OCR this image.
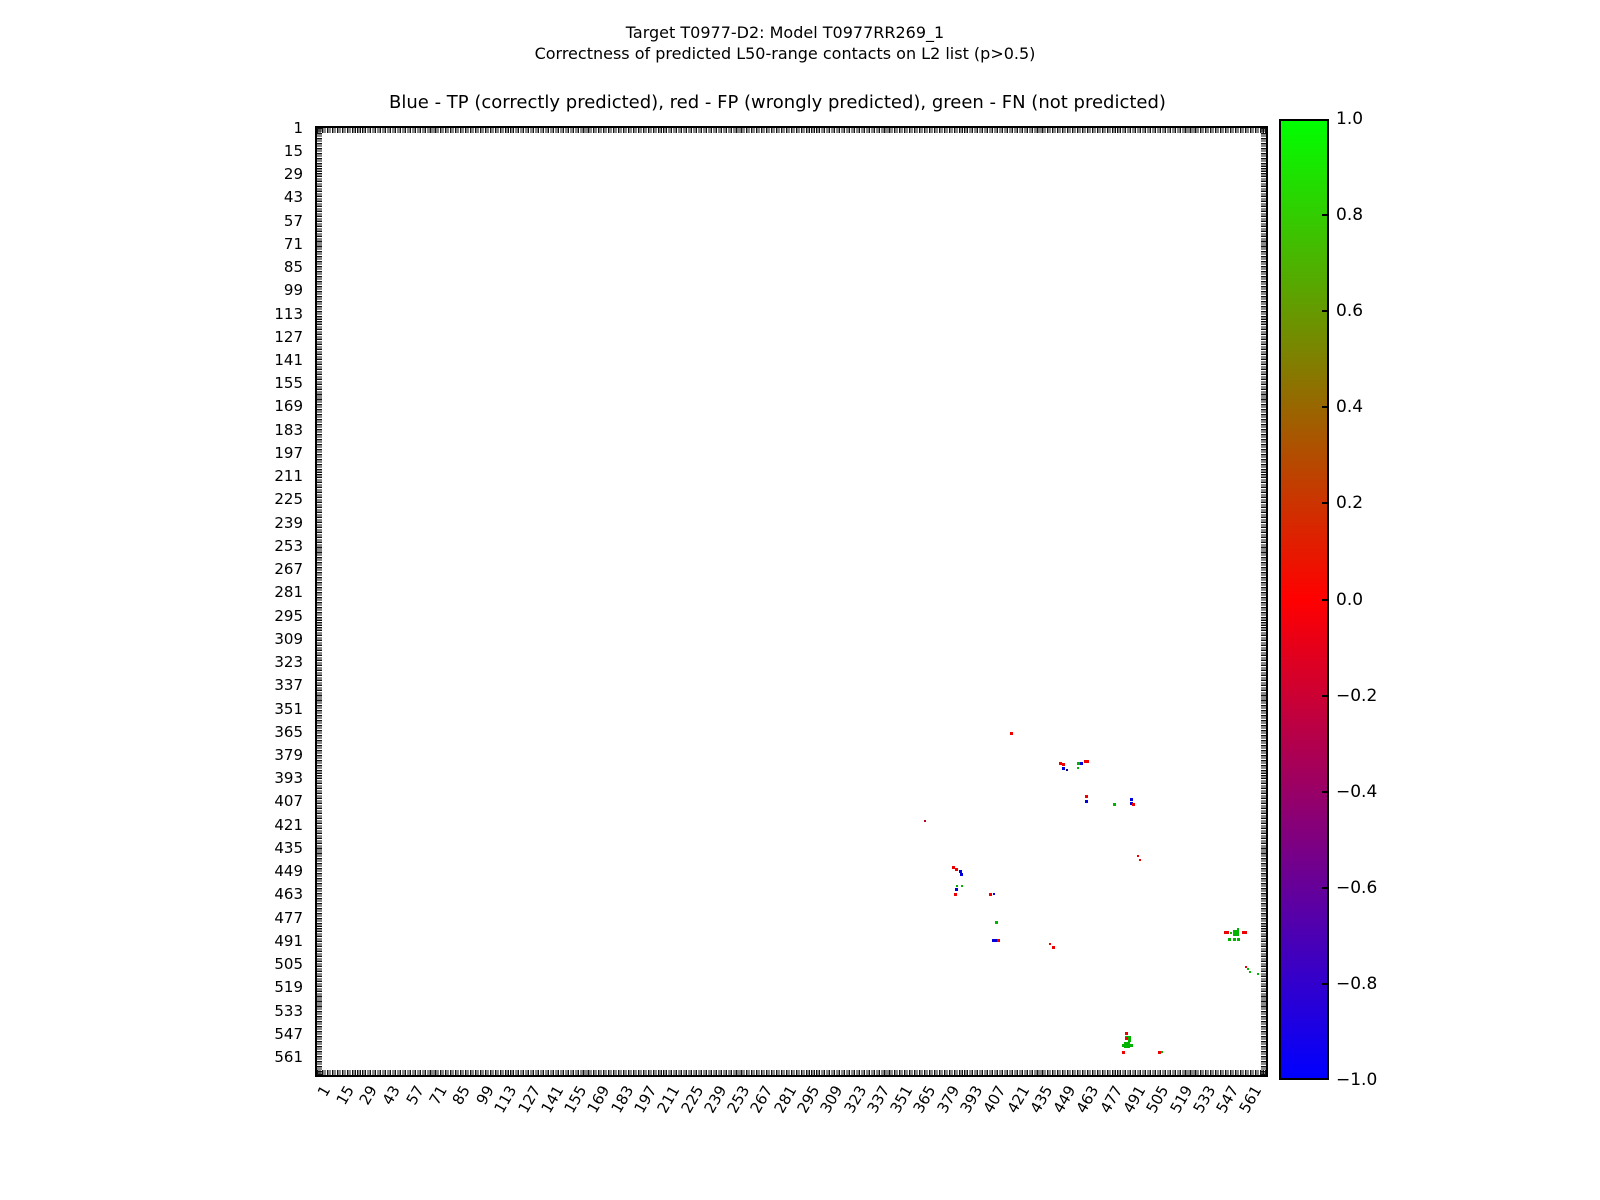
Target T0977-D2: Model T0977RR269_1
Correctness of predicted L50-range contacts on L2 list (p>0.5)
Blue - TP (correctly predicted), red - FP (wrongly predicted), green - FN (not predicted)
1
15
29
43
57
71
85
99
113
127
141
155
169
183
197
211
225
239
253
267
281
295
309
323
337
351
365
379
393
407
421
435
449
463
477
491
505
519
533
547
561
1
15
29
43
57
71
85
99
113
127
141
155
169
183
197
211
225
239
253
267
281
295
309
323
337
351
365
379
393
407
421
435
449
463
477
491
505
519
533
547
561
1.0
0.8
0.6
0.4
0.2
0.0
−0.2
−0.4
−0.6
−0.8
−1.0
